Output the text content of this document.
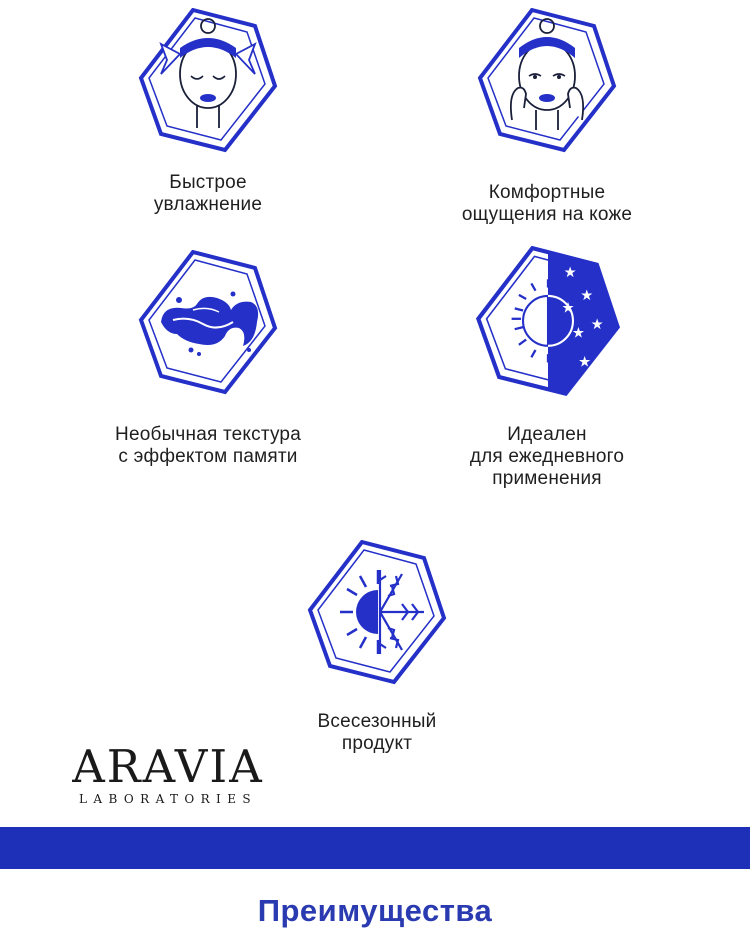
Быстрое
увлажнение
Комфортные
ощущения на коже
Необычная текстура
с эффектом памяти
★
★
★
★
★
★
Идеален
для ежедневного
применения
Всесезонный
продукт
ARAVIA
LABORATORIES
Преимущества
